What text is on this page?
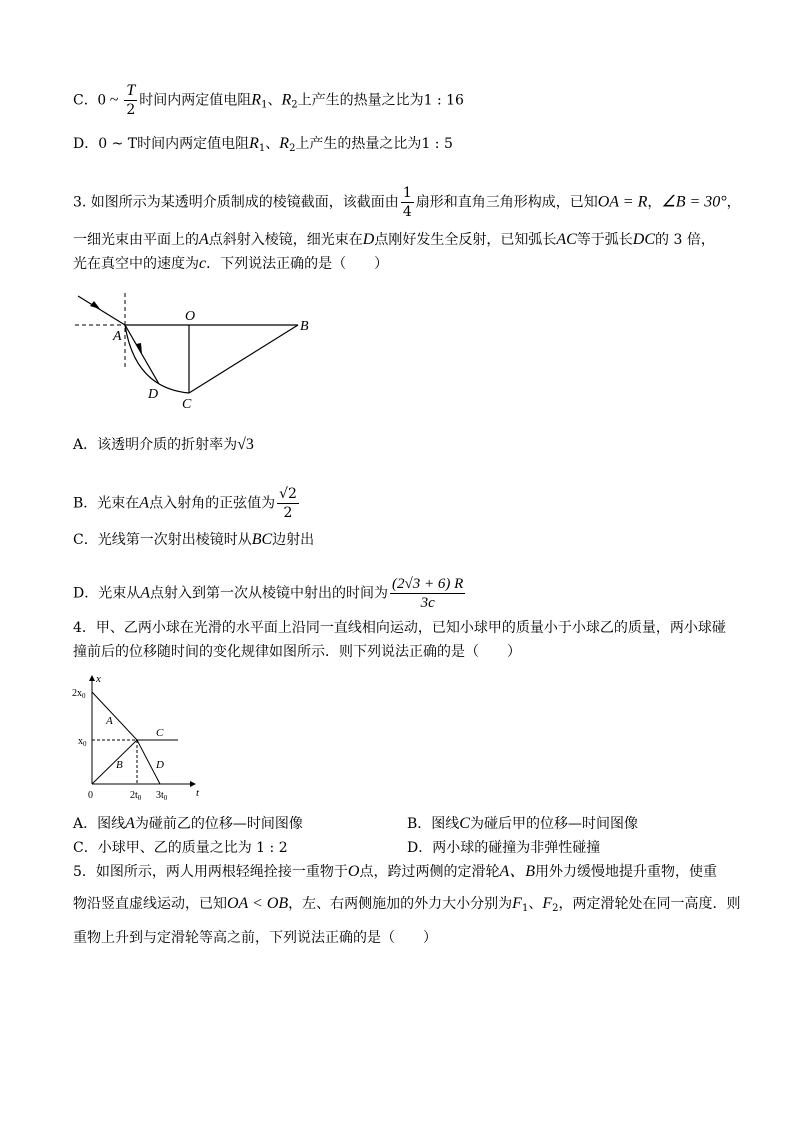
C．0 ~ $\frac{T}{2}$ 时间内两定值电阻$R_1$、$R_2$上产生的热量之比为1 : 16
D．0 ~ T时间内两定值电阻$R_1$、$R_2$上产生的热量之比为1 : 5
3. 如图所示为某透明介质制成的棱镜截面，该截面由 $\frac{1}{4}$ 扇形和直角三角形构成，已知OA = R，∠B = 30°，
一细光束由平面上的A点斜射入棱镜，细光束在D点刚好发生全反射，已知弧长AC等于弧长DC的 3 倍，
光在真空中的速度为c．下列说法正确的是（　　）
O
A
B
C
D
A．该透明介质的折射率为√3
B．光束在A点入射角的正弦值为 $\frac{√2}{2}$
C．光线第一次射出棱镜时从BC边射出
D．光束从A点射入到第一次从棱镜中射出的时间为 $\frac{(2√3 + 6) R}{3c}$
4．甲、乙两小球在光滑的水平面上沿同一直线相向运动，已知小球甲的质量小于小球乙的质量，两小球碰
撞前后的位移随时间的变化规律如图所示．则下列说法正确的是（　　）
x
t
$2x_0$
$x_0$
0	$2t_0$ $3t_0$
A
B
C
D
A．图线A为碰前乙的位移—时间图像	B．图线C为碰后甲的位移—时间图像
C．小球甲、乙的质量之比为 1 : 2	D．两小球的碰撞为非弹性碰撞
5．如图所示，两人用两根轻绳拴接一重物于O点，跨过两侧的定滑轮A、B用外力缓慢地提升重物，使重
物沿竖直虚线运动，已知OA < OB，左、右两侧施加的外力大小分别为$F_1$、$F_2$，两定滑轮处在同一高度．则
重物上升到与定滑轮等高之前，下列说法正确的是（　　）
